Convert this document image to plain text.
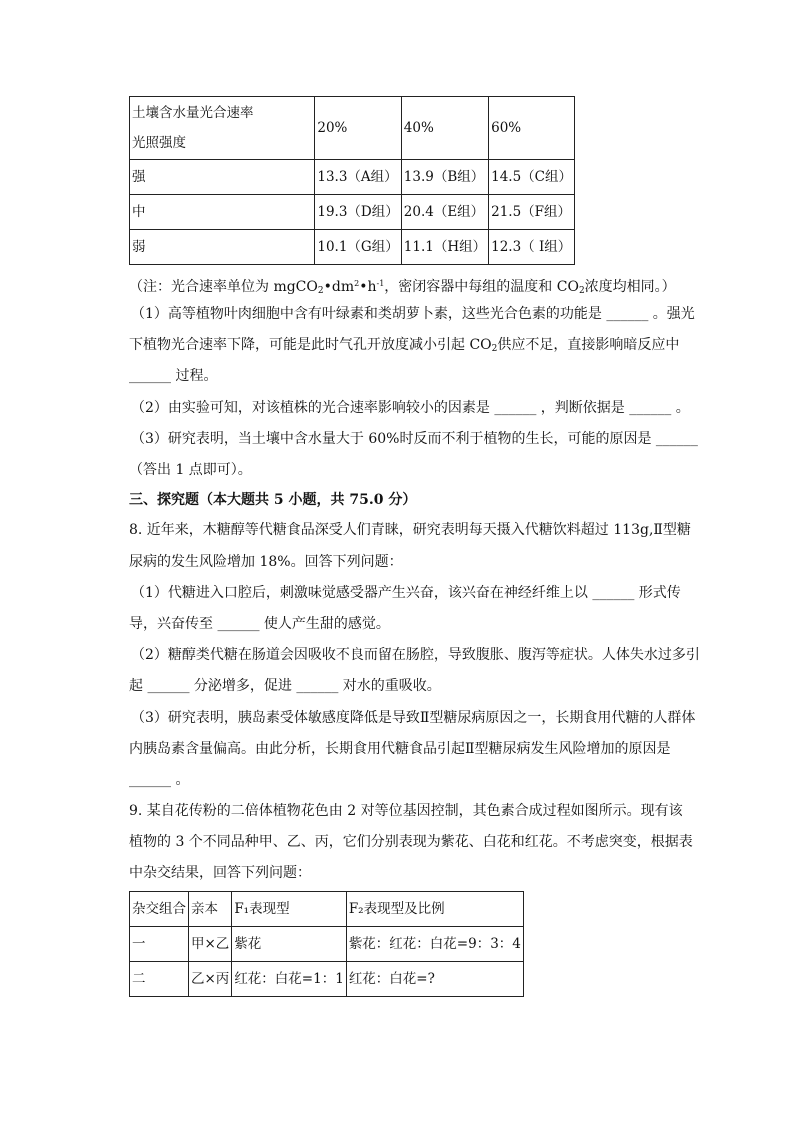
土壤含水量光合速率
光照强度	20%	40%	60%
强	13.3（A组）	13.9（B组）	14.5（C组）
中	19.3（D组）	20.4（E组）	21.5（F组）
弱	10.1（G组）	11.1（H组）	12.3（ I组）
（注：光合速率单位为 $mgCO_2•dm^2•h^{-1}$，密闭容器中每组的温度和 $CO_2$浓度均相同。）
（1）高等植物叶肉细胞中含有叶绿素和类胡萝卜素，这些光合色素的功能是 ______ 。强光
下植物光合速率下降，可能是此时气孔开放度减小引起 $CO_2$供应不足，直接影响暗反应中
______ 过程。
（2）由实验可知，对该植株的光合速率影响较小的因素是 ______ ，判断依据是 ______ 。
（3）研究表明，当土壤中含水量大于 60%时反而不利于植物的生长，可能的原因是 ______
（答出 1 点即可）。
三、探究题（本大题共 5 小题，共 75.0 分）
8. 近年来，木糖醇等代糖食品深受人们青睐，研究表明每天摄入代糖饮料超过 113g,Ⅱ型糖
尿病的发生风险增加 18%。回答下列问题：
（1）代糖进入口腔后，刺激味觉感受器产生兴奋，该兴奋在神经纤维上以 ______ 形式传
导，兴奋传至 ______ 使人产生甜的感觉。
（2）糖醇类代糖在肠道会因吸收不良而留在肠腔，导致腹胀、腹泻等症状。人体失水过多引
起 ______ 分泌增多，促进 ______ 对水的重吸收。
（3）研究表明，胰岛素受体敏感度降低是导致Ⅱ型糖尿病原因之一，长期食用代糖的人群体
内胰岛素含量偏高。由此分析，长期食用代糖食品引起Ⅱ型糖尿病发生风险增加的原因是
______ 。
9. 某自花传粉的二倍体植物花色由 2 对等位基因控制，其色素合成过程如图所示。现有该
植物的 3 个不同品种甲、乙、丙，它们分别表现为紫花、白花和红花。不考虑突变，根据表
中杂交结果，回答下列问题：
杂交组合	亲本	F₁表现型	F₂表现型及比例
一	甲×乙	紫花	紫花：红花：白花=9：3：4
二	乙×丙	红花：白花=1：1	红花：白花=?
